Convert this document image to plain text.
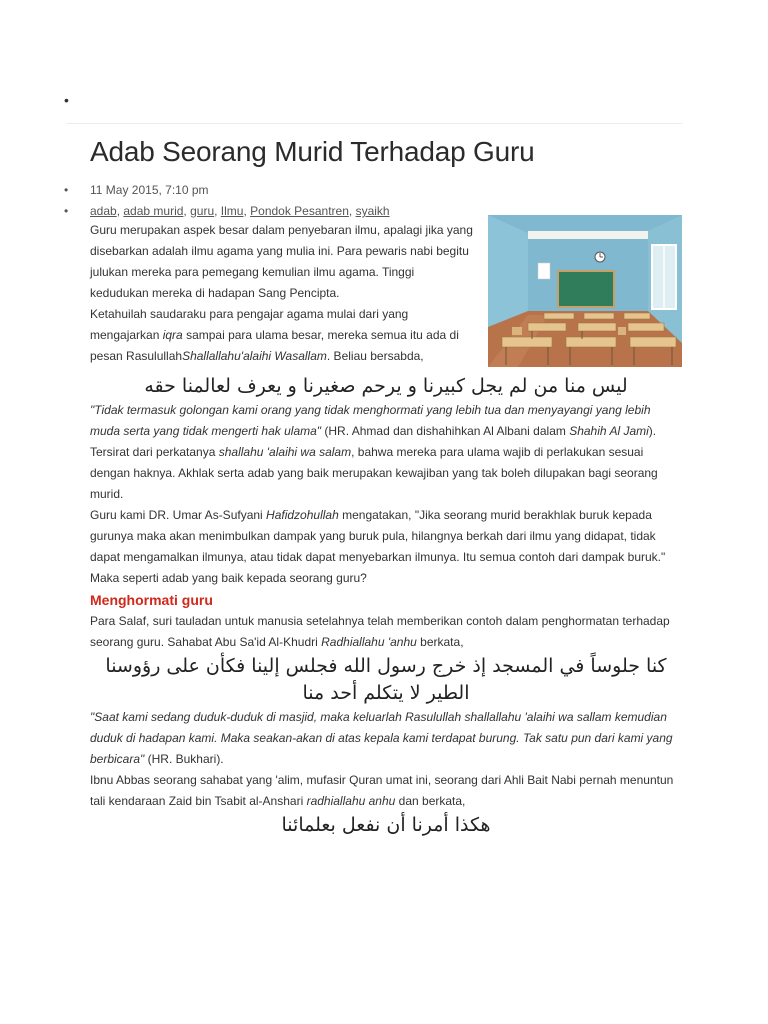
•
Adab Seorang Murid Terhadap Guru
• 11 May 2015, 7:10 pm
• adab, adab murid, guru, Ilmu, Pondok Pesantren, syaikh

Guru merupakan aspek besar dalam penyebaran ilmu, apalagi jika yang disebarkan adalah ilmu agama yang mulia ini. Para pewaris nabi begitu julukan mereka para pemegang kemulian ilmu agama. Tinggi kedudukan mereka di hadapan Sang Pencipta.

Ketahuilah saudaraku para pengajar agama mulai dari yang mengajarkan iqra sampai para ulama besar, mereka semua itu ada di pesan RasulullahShallallahu'alaihi Wasallam. Beliau bersabda,

ليس منا من لم يجل كبيرنا و يرحم صغيرنا و يعرف لعالمنا حقه

"Tidak termasuk golongan kami orang yang tidak menghormati yang lebih tua dan menyayangi yang lebih muda serta yang tidak mengerti hak ulama" (HR. Ahmad dan dishahihkan Al Albani dalam Shahih Al Jami).

Tersirat dari perkatanya shallahu 'alaihi wa salam, bahwa mereka para ulama wajib di perlakukan sesuai dengan haknya. Akhlak serta adab yang baik merupakan kewajiban yang tak boleh dilupakan bagi seorang murid.

Guru kami DR. Umar As-Sufyani Hafidzohullah mengatakan, "Jika seorang murid berakhlak buruk kepada gurunya maka akan menimbulkan dampak yang buruk pula, hilangnya berkah dari ilmu yang didapat, tidak dapat mengamalkan ilmunya, atau tidak dapat menyebarkan ilmunya. Itu semua contoh dari dampak buruk."

Maka seperti adab yang baik kepada seorang guru?

Menghormati guru

Para Salaf, suri tauladan untuk manusia setelahnya telah memberikan contoh dalam penghormatan terhadap seorang guru. Sahabat Abu Sa'id Al-Khudri Radhiallahu 'anhu berkata,

كنا جلوساً في المسجد إذ خرج رسول الله فجلس إلينا فكأن على رؤوسنا الطير لا يتكلم أحد منا

"Saat kami sedang duduk-duduk di masjid, maka keluarlah Rasulullah shallallahu 'alaihi wa sallam kemudian duduk di hadapan kami. Maka seakan-akan di atas kepala kami terdapat burung. Tak satu pun dari kami yang berbicara" (HR. Bukhari).

Ibnu Abbas seorang sahabat yang 'alim, mufasir Quran umat ini, seorang dari Ahli Bait Nabi pernah menuntun tali kendaraan Zaid bin Tsabit al-Anshari radhiallahu anhu dan berkata,

هكذا أمرنا أن نفعل بعلمائنا
